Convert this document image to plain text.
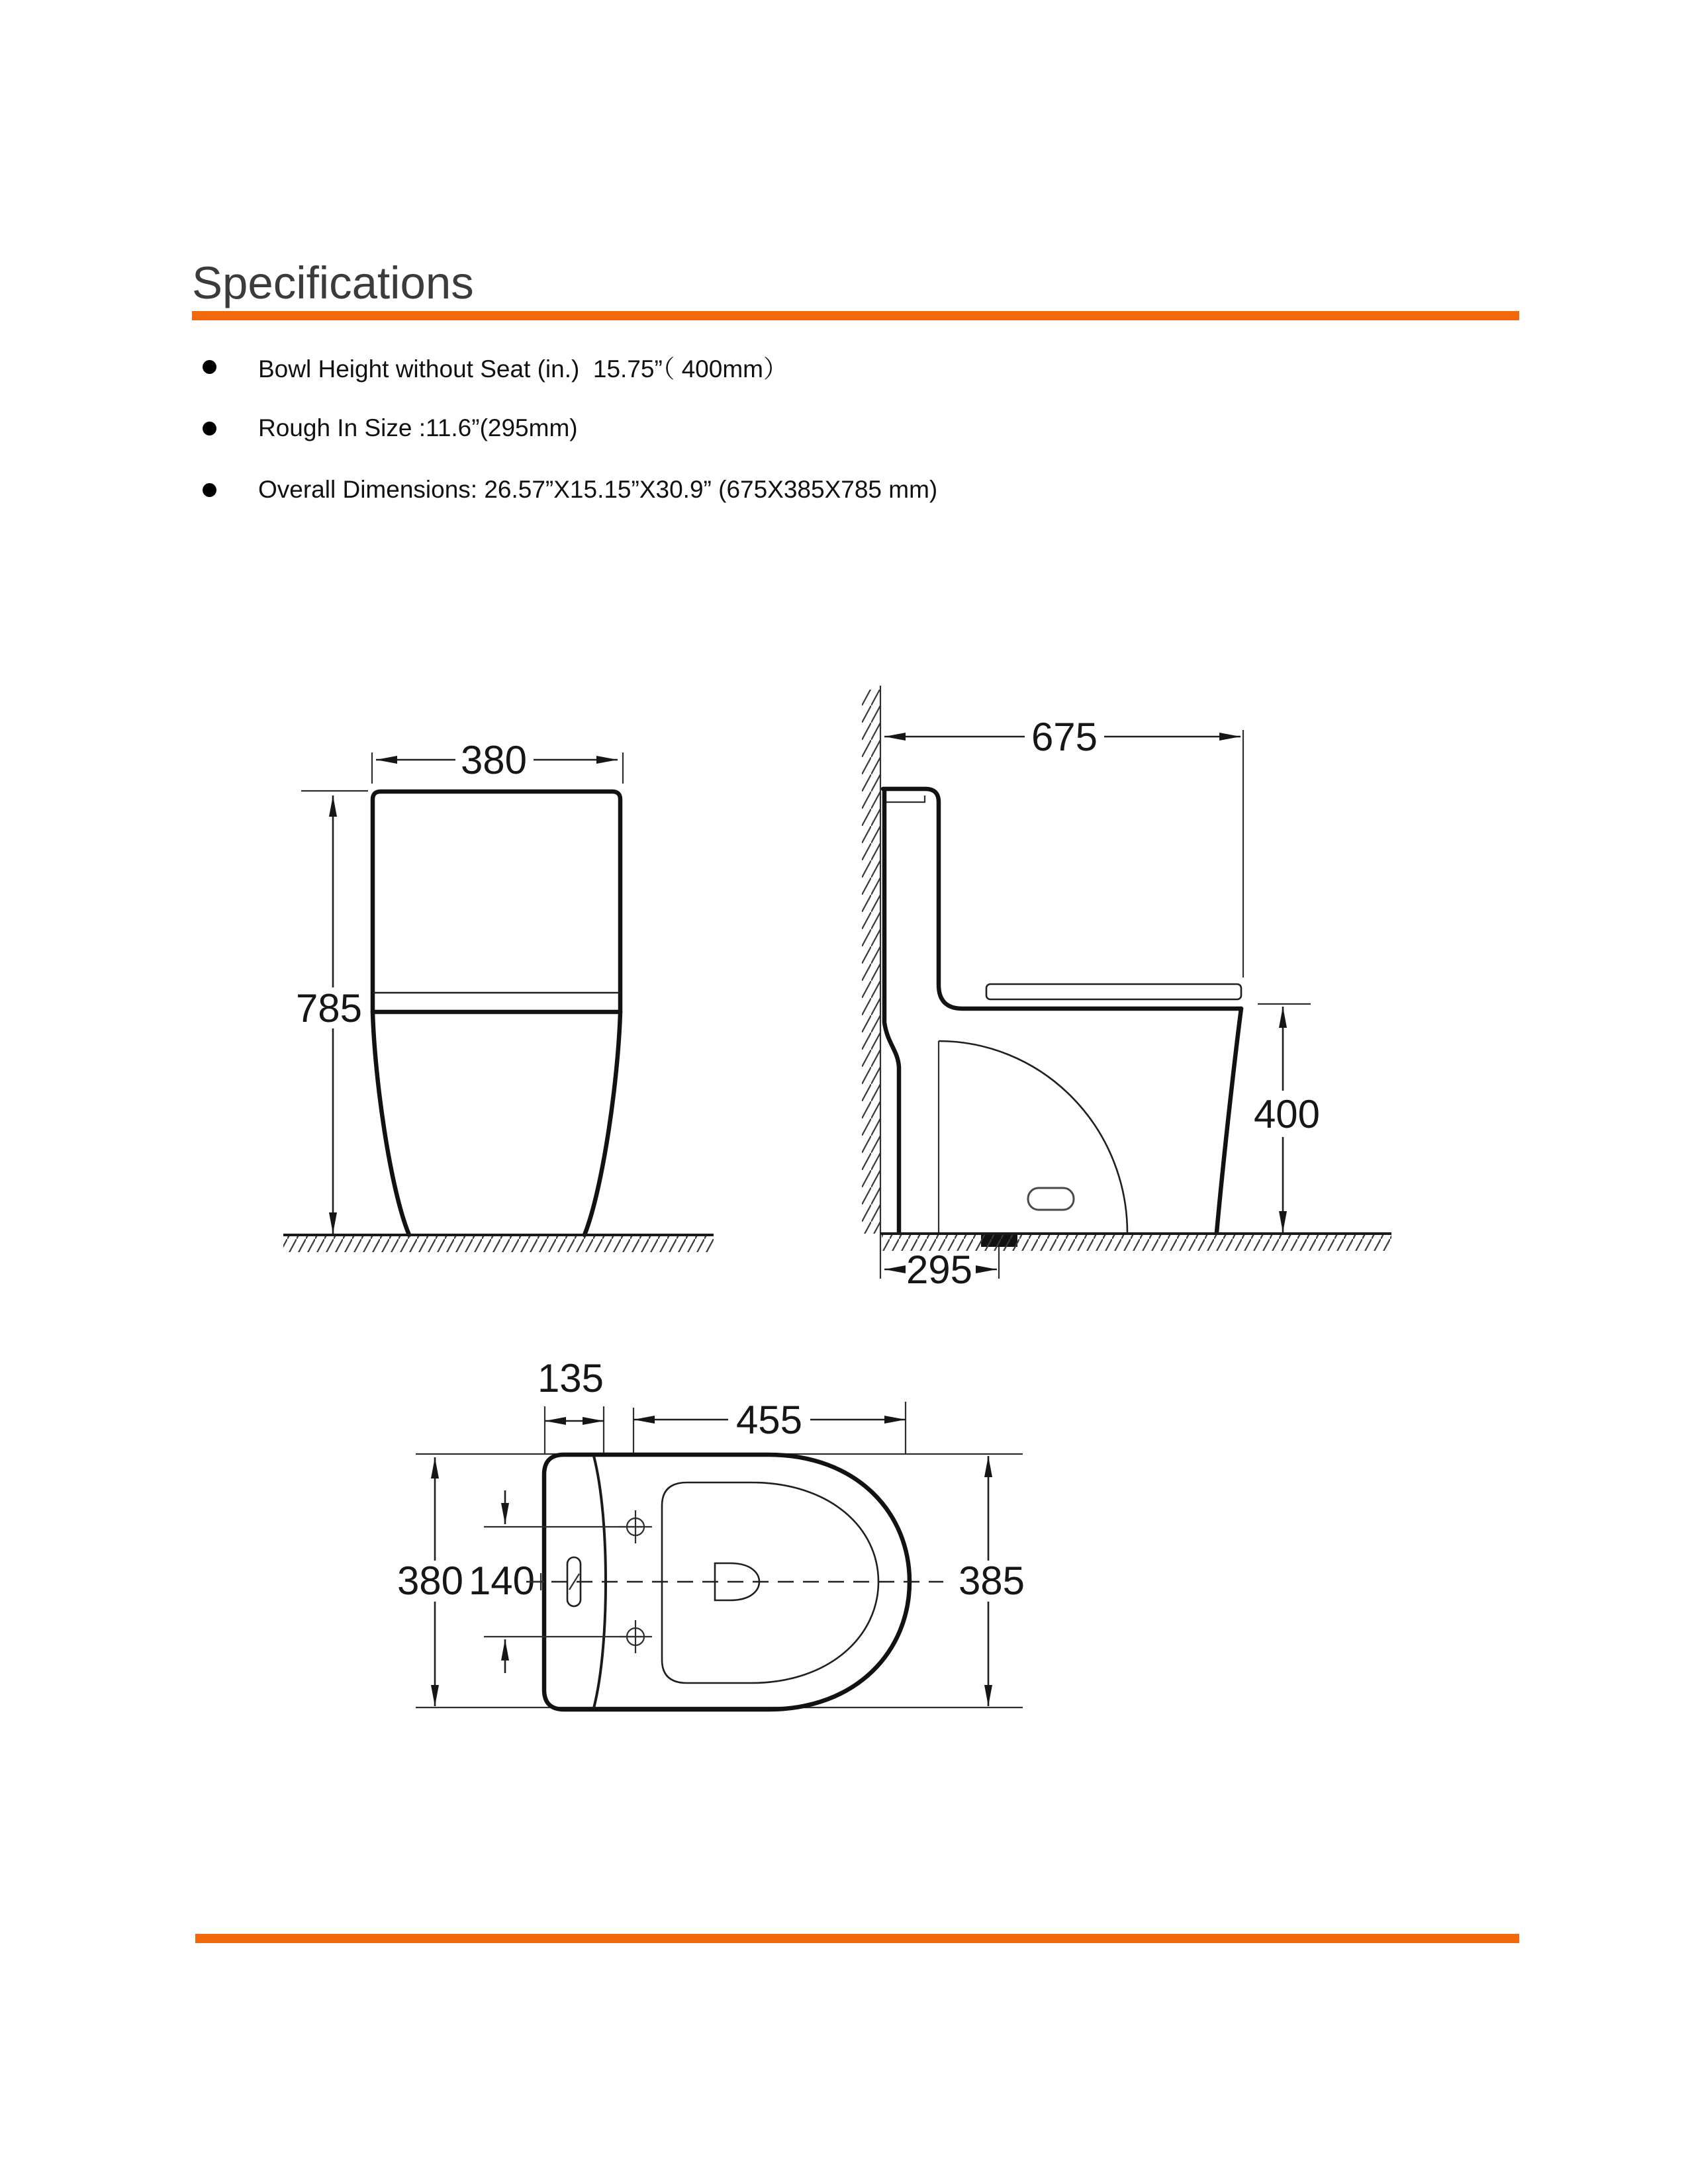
Specifications
Bowl Height without Seat (in.)  15.75”（ 400mm）
Rough In Size :11.6”(295mm)
Overall Dimensions: 26.57”X15.15”X30.9” (675X385X785 mm)
380
785
675
400
295
135
455
140
380	385
